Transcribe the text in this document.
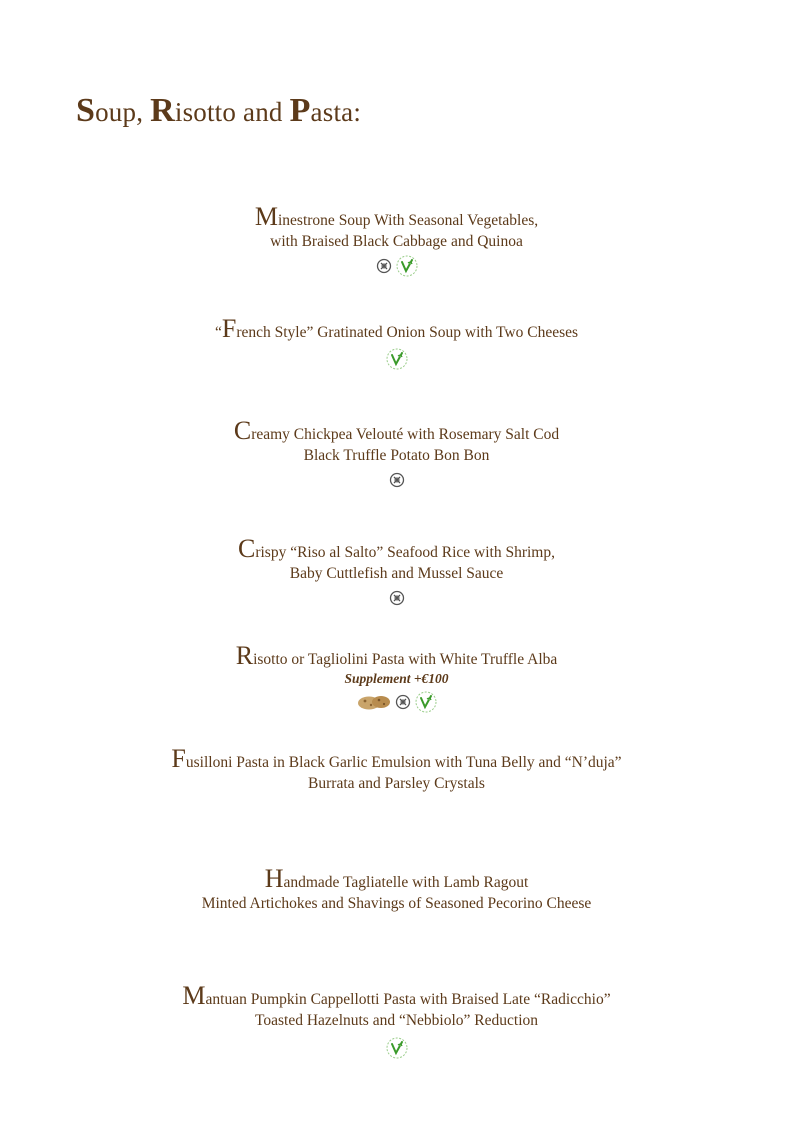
Soup, Risotto and Pasta:
Minestrone Soup With Seasonal Vegetables,
with Braised Black Cabbage and Quinoa
“French Style” Gratinated Onion Soup with Two Cheeses
Creamy Chickpea Velouté with Rosemary Salt Cod
Black Truffle Potato Bon Bon
Crispy “Riso al Salto” Seafood Rice with Shrimp,
Baby Cuttlefish and Mussel Sauce
Risotto or Tagliolini Pasta with White Truffle Alba
Supplement +€100
Fusilloni Pasta in Black Garlic Emulsion with Tuna Belly and “N’duja”
Burrata and Parsley Crystals
Handmade Tagliatelle with Lamb Ragout
Minted Artichokes and Shavings of Seasoned Pecorino Cheese
Mantuan Pumpkin Cappellotti Pasta with Braised Late “Radicchio”
Toasted Hazelnuts and “Nebbiolo” Reduction
